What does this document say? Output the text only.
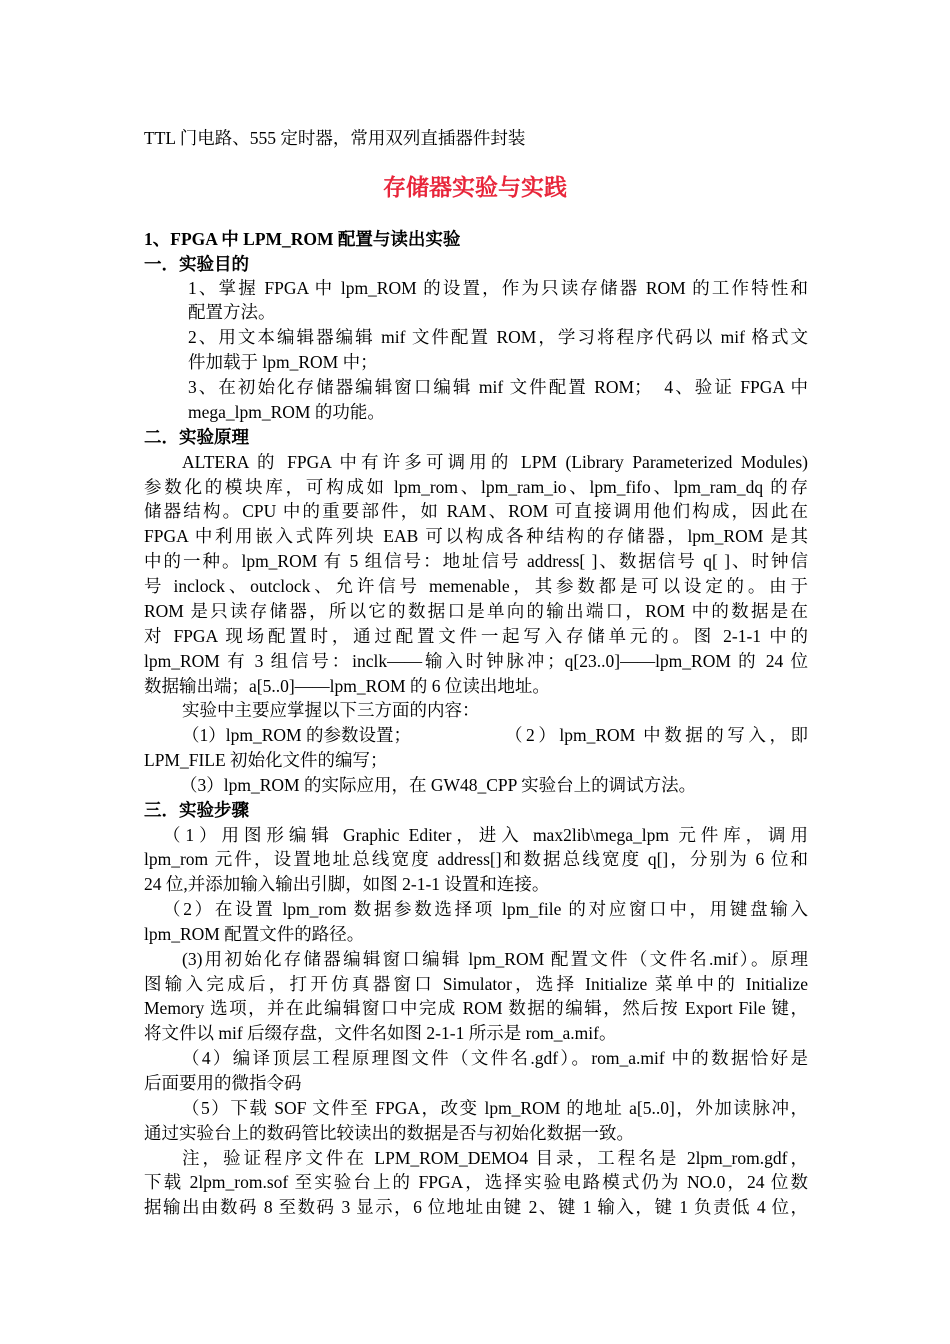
TTL 门电路、555 定时器，常用双列直插器件封装
存储器实验与实践
1、FPGA 中 LPM_ROM 配置与读出实验
一．实验目的
1、掌握 FPGA 中 lpm_ROM 的设置，作为只读存储器 ROM 的工作特性和
配置方法。
2、用文本编辑器编辑 mif 文件配置 ROM，学习将程序代码以 mif 格式文
件加载于 lpm_ROM 中；
3、在初始化存储器编辑窗口编辑 mif 文件配置 ROM；　4、验证 FPGA 中
mega_lpm_ROM 的功能。
二．实验原理
ALTERA 的 FPGA 中有许多可调用的 LPM (Library Parameterized Modules)
参数化的模块库，可构成如 lpm_rom、lpm_ram_io、lpm_fifo、lpm_ram_dq 的存
储器结构。CPU 中的重要部件，如 RAM、ROM 可直接调用他们构成，因此在
FPGA 中利用嵌入式阵列块 EAB 可以构成各种结构的存储器，lpm_ROM 是其
中的一种。lpm_ROM 有 5 组信号：地址信号 address[ ]、数据信号 q[ ]、时钟信
号 inclock、outclock、允许信号 memenable，其参数都是可以设定的。由于
ROM 是只读存储器，所以它的数据口是单向的输出端口，ROM 中的数据是在
对 FPGA 现场配置时，通过配置文件一起写入存储单元的。图 2-1-1 中的
lpm_ROM 有 3 组信号：inclk——输入时钟脉冲；q[23..0]——lpm_ROM 的 24 位
数据输出端；a[5..0]——lpm_ROM 的 6 位读出地址。
实验中主要应掌握以下三方面的内容：
（1）lpm_ROM 的参数设置；	（2）lpm_ROM 中数据的写入，即
LPM_FILE 初始化文件的编写；
（3）lpm_ROM 的实际应用，在 GW48_CPP 实验台上的调试方法。
三．实验步骤
（1）用图形编辑 Graphic Editer，进入 max2lib\mega_lpm 元件库，调用
lpm_rom 元件，设置地址总线宽度 address[]和数据总线宽度 q[]，分别为 6 位和
24 位,并添加输入输出引脚，如图 2-1-1 设置和连接。
（2）在设置 lpm_rom 数据参数选择项 lpm_file 的对应窗口中，用键盘输入
lpm_ROM 配置文件的路径。
(3)用初始化存储器编辑窗口编辑 lpm_ROM 配置文件（文件名.mif）。原理
图输入完成后，打开仿真器窗口 Simulator，选择 Initialize 菜单中的 Initialize
Memory 选项，并在此编辑窗口中完成 ROM 数据的编辑，然后按 Export File 键，
将文件以 mif 后缀存盘，文件名如图 2-1-1 所示是 rom_a.mif。
（4）编译顶层工程原理图文件（文件名.gdf）。rom_a.mif 中的数据恰好是
后面要用的微指令码
（5）下载 SOF 文件至 FPGA，改变 lpm_ROM 的地址 a[5..0]，外加读脉冲，
通过实验台上的数码管比较读出的数据是否与初始化数据一致。
注，验证程序文件在 LPM_ROM_DEMO4 目录，工程名是 2lpm_rom.gdf，
下载 2lpm_rom.sof 至实验台上的 FPGA，选择实验电路模式仍为 NO.0，24 位数
据输出由数码 8 至数码 3 显示，6 位地址由键 2、键 1 输入，键 1 负责低 4 位，
